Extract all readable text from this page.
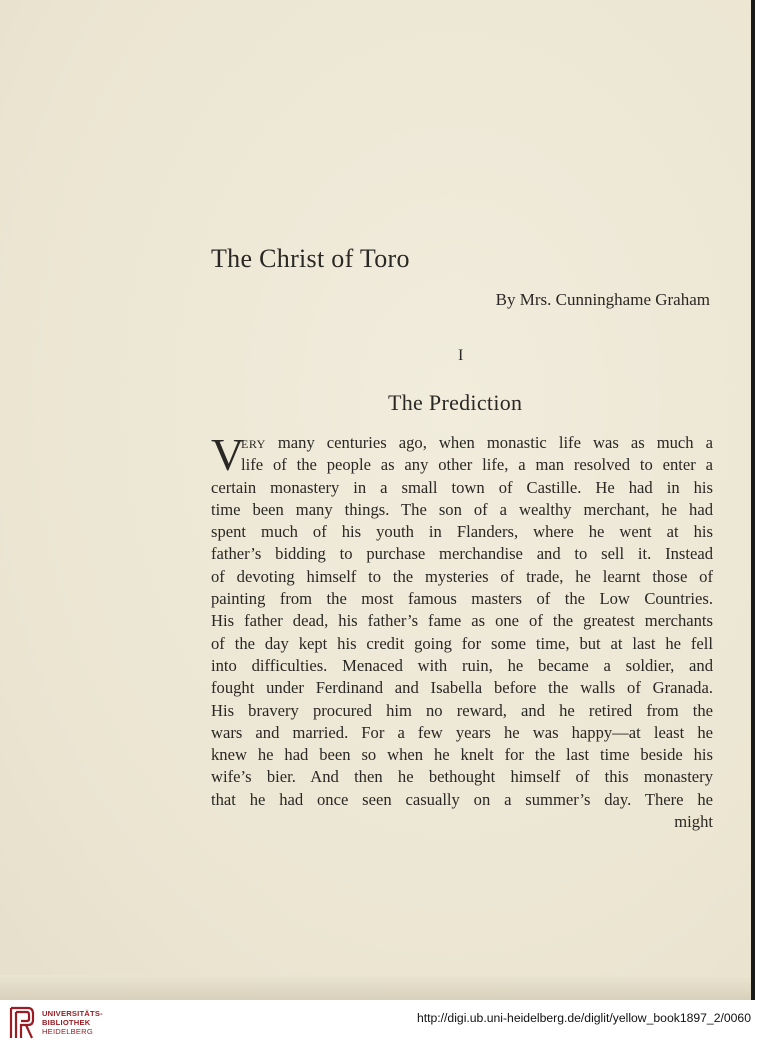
The Christ of Toro
By Mrs. Cunninghame Graham
I
The Prediction
V
ery many centuries ago, when monastic life was as much a
life of the people as any other life, a man resolved to enter a
certain monastery in a small town of Castille. He had in his
time been many things. The son of a wealthy merchant, he had
spent much of his youth in Flanders, where he went at his
father’s bidding to purchase merchandise and to sell it. Instead
of devoting himself to the mysteries of trade, he learnt those of
painting from the most famous masters of the Low Countries.
His father dead, his father’s fame as one of the greatest merchants
of the day kept his credit going for some time, but at last he fell
into difficulties. Menaced with ruin, he became a soldier, and
fought under Ferdinand and Isabella before the walls of Granada.
His bravery procured him no reward, and he retired from the
wars and married. For a few years he was happy—at least he
knew he had been so when he knelt for the last time beside his
wife’s bier. And then he bethought himself of this monastery
that he had once seen casually on a summer’s day. There he
might
UNIVERSITÄTS-
BIBLIOTHEK
HEIDELBERG
http://digi.ub.uni-heidelberg.de/diglit/yellow_book1897_2/0060
